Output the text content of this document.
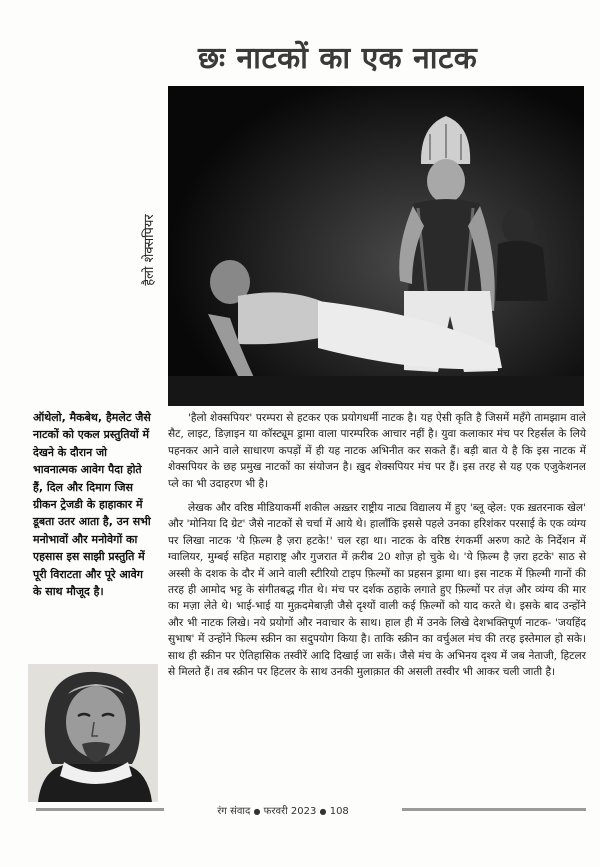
छः नाटकों का एक नाटक
हैलो शेक्सपियर
ऑथेलो, मैकबेथ, हैमलेट जैसे नाटकों को एकल प्रस्तुतियों में देखने के दौरान जो भावनात्मक आवेग पैदा होते हैं, दिल और दिमाग जिस ग्रीकन ट्रेजडी के हाहाकार में डूबता उतर आता है, उन सभी मनोभावों और मनोवेगों का एहसास इस साझी प्रस्तुति में पूरी विराटता और पूरे आवेग के साथ मौजूद है।

'हैलो शेक्सपियर' परम्परा से हटकर एक प्रयोगधर्मी नाटक है। यह ऐसी कृति है जिसमें महँगे तामझाम वाले सैट, लाइट, डिज़ाइन या कॉस्ट्यूम ड्रामा वाला पारम्परिक आचार नहीं है। युवा कलाकार मंच पर रिहर्सल के लिये पहनकर आने वाले साधारण कपड़ों में ही यह नाटक अभिनीत कर सकते हैं। बड़ी बात ये है कि इस नाटक में शेक्सपियर के छह प्रमुख नाटकों का संयोजन है। ख़ुद शेक्सपियर मंच पर हैं। इस तरह से यह एक एजुकेशनल प्ले का भी उदाहरण भी है।

लेखक और वरिष्ठ मीडियाकर्मी शकील अख़्तर राष्ट्रीय नाट्य विद्यालय में हुए 'ब्लू व्हेल: एक ख़तरनाक खेल' और 'मोनिया दि ग्रेट' जैसे नाटकों से चर्चा में आये थे। हालाँकि इससे पहले उनका हरिशंकर परसाई के एक व्यंग्य पर लिखा नाटक 'ये फ़िल्म है ज़रा हटके!' चल रहा था। नाटक के वरिष्ठ रंगकर्मी अरुण काटे के निर्देशन में ग्वालियर, मुम्बई सहित महाराष्ट्र और गुजरात में क़रीब 20 शोज़ हो चुके थे। 'ये फ़िल्म है ज़रा हटके' साठ से अस्सी के दशक के दौर में आने वाली स्टीरियो टाइप फ़िल्मों का प्रहसन ड्रामा था। इस नाटक में फ़िल्मी गानों की तरह ही आमोद भट्ट के संगीतबद्ध गीत थे। मंच पर दर्शक ठहाके लगाते हुए फ़िल्मों पर तंज़ और व्यंग्य की मार का मज़ा लेते थे। भाई-भाई या मुक़दमेबाज़ी जैसे दृश्यों वाली कई फ़िल्मों को याद करते थे। इसके बाद उन्होंने और भी नाटक लिखे। नये प्रयोगों और नवाचार के साथ। हाल ही में उनके लिखे देशभक्तिपूर्ण नाटक- 'जयहिंद सुभाष' में उन्होंने फिल्म स्क्रीन का सदुपयोग किया है। ताकि स्क्रीन का वर्चुअल मंच की तरह इस्तेमाल हो सके। साथ ही स्क्रीन पर ऐतिहासिक तस्वीरें आदि दिखाई जा सकें। जैसे मंच के अभिनय दृश्य में जब नेताजी, हिटलर से मिलते हैं। तब स्क्रीन पर हिटलर के साथ उनकी मुलाक़ात की असली तस्वीर भी आकर चली जाती है।

रंग संवाद ● फरवरी 2023 ● 108
